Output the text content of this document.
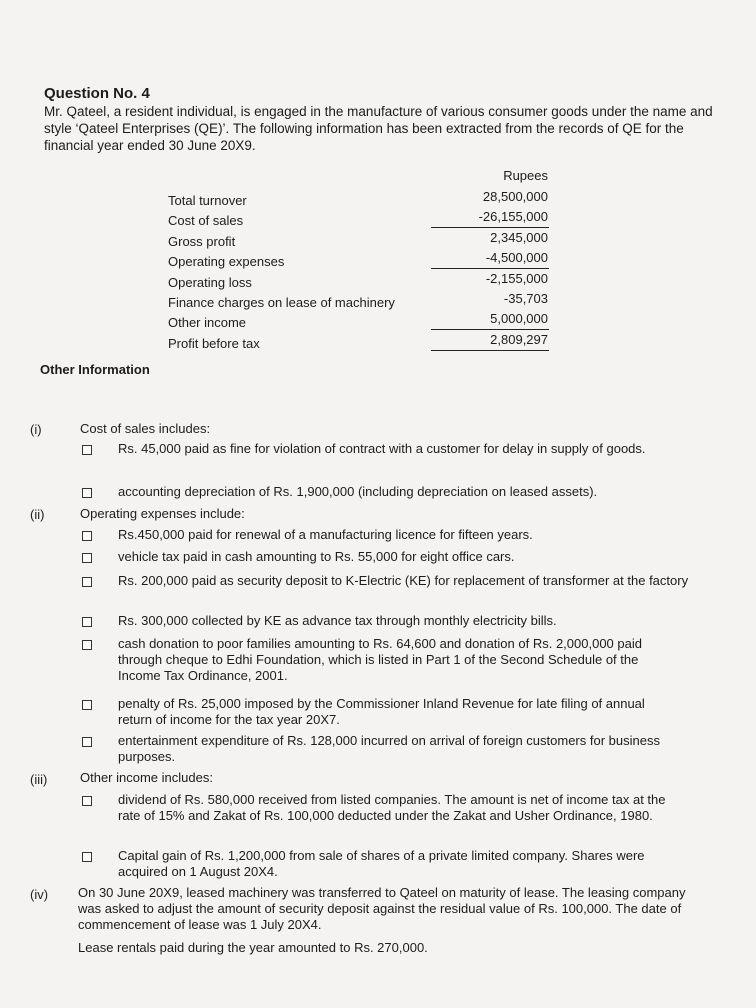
Question No. 4
Mr. Qateel, a resident individual, is engaged in the manufacture of various consumer goods under the name and style ‘Qateel Enterprises (QE)’. The following information has been extracted from the records of QE for the financial year ended 30 June 20X9.
Rupees
Total turnover	28,500,000
Cost of sales	-26,155,000
Gross profit	2,345,000
Operating expenses	-4,500,000
Operating loss	-2,155,000
Finance charges on lease of machinery	-35,703
Other income	5,000,000
Profit before tax	2,809,297
Other Information
(i)	Cost of sales includes:
Rs. 45,000 paid as fine for violation of contract with a customer for delay in supply of goods.
accounting depreciation of Rs. 1,900,000 (including depreciation on leased assets).
(ii)	Operating expenses include:
Rs.450,000 paid for renewal of a manufacturing licence for fifteen years.
vehicle tax paid in cash amounting to Rs. 55,000 for eight office cars.
Rs. 200,000 paid as security deposit to K-Electric (KE) for replacement of transformer at the factory
Rs. 300,000 collected by KE as advance tax through monthly electricity bills.
cash donation to poor families amounting to Rs. 64,600 and donation of Rs. 2,000,000 paid through cheque to Edhi Foundation, which is listed in Part 1 of the Second Schedule of the Income Tax Ordinance, 2001.
penalty of Rs. 25,000 imposed by the Commissioner Inland Revenue for late filing of annual return of income for the tax year 20X7.
entertainment expenditure of Rs. 128,000 incurred on arrival of foreign customers for business purposes.
(iii)	Other income includes:
dividend of Rs. 580,000 received from listed companies. The amount is net of income tax at the rate of 15% and Zakat of Rs. 100,000 deducted under the Zakat and Usher Ordinance, 1980.
Capital gain of Rs. 1,200,000 from sale of shares of a private limited company. Shares were acquired on 1 August 20X4.
(iv) On 30 June 20X9, leased machinery was transferred to Qateel on maturity of lease. The leasing company was asked to adjust the amount of security deposit against the residual value of Rs. 100,000. The date of commencement of lease was 1 July 20X4.
Lease rentals paid during the year amounted to Rs. 270,000.
